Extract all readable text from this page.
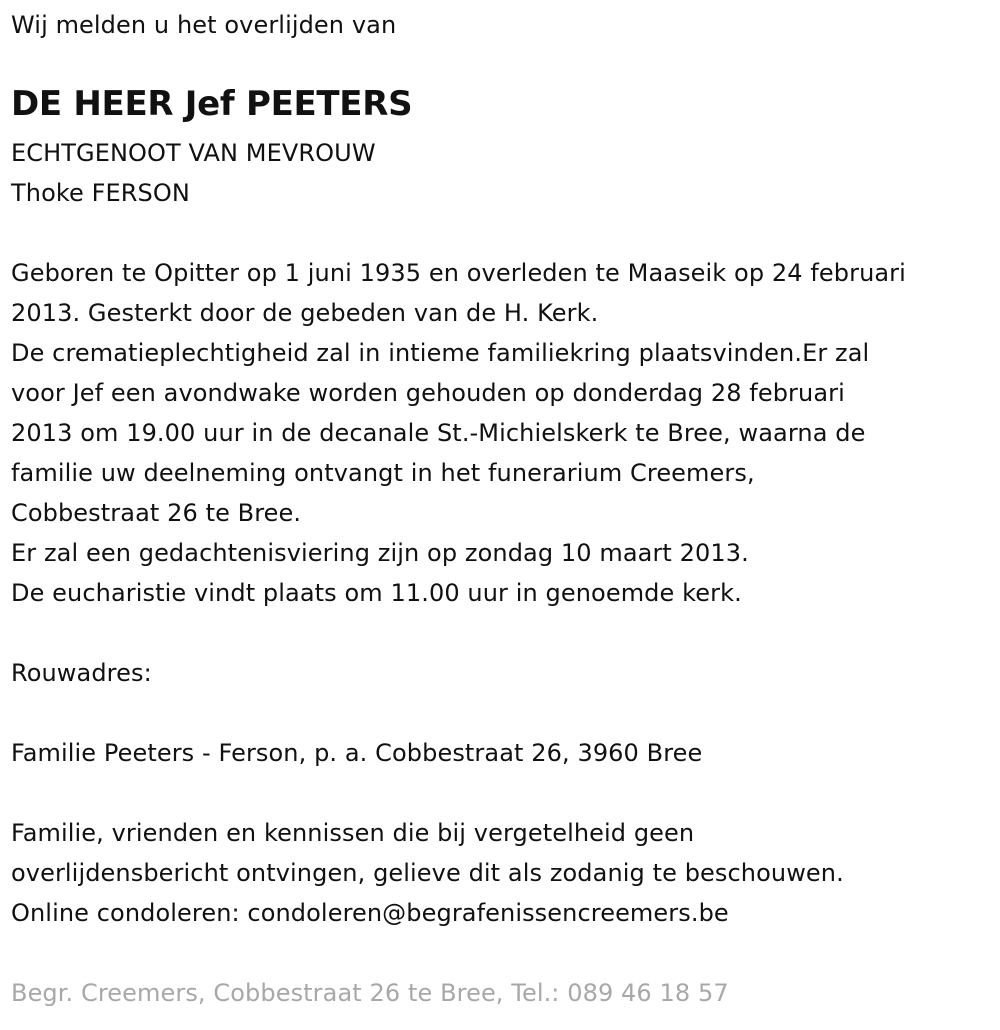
Wij melden u het overlijden van
DE HEER Jef PEETERS
ECHTGENOOT VAN MEVROUW
Thoke FERSON
Geboren te Opitter op 1 juni 1935 en overleden te Maaseik op 24 februari
2013. Gesterkt door de gebeden van de H. Kerk.
De crematieplechtigheid zal in intieme familiekring plaatsvinden.Er zal
voor Jef een avondwake worden gehouden op donderdag 28 februari
2013 om 19.00 uur in de decanale St.-Michielskerk te Bree, waarna de
familie uw deelneming ontvangt in het funerarium Creemers,
Cobbestraat 26 te Bree.
Er zal een gedachtenisviering zijn op zondag 10 maart 2013.
De eucharistie vindt plaats om 11.00 uur in genoemde kerk.
Rouwadres:
Familie Peeters - Ferson, p. a. Cobbestraat 26, 3960 Bree
Familie, vrienden en kennissen die bij vergetelheid geen
overlijdensbericht ontvingen, gelieve dit als zodanig te beschouwen.
Online condoleren: condoleren@begrafenissencreemers.be
Begr. Creemers, Cobbestraat 26 te Bree, Tel.: 089 46 18 57
